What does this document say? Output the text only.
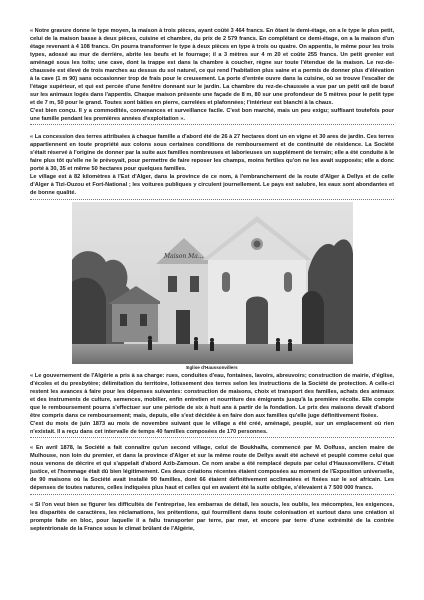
« Notre gravure donne le type moyen, la maison à trois pièces, ayant coûté 3 464 francs. En ôtant le demi-étage, on a le type le plus petit, celui de la maison basse à deux pièces, cuisine et chambre, du prix de 2 579 francs. En complétant ce demi-étage, on a la maison d'un étage revenant à 4 108 francs. On pourra transformer le type à deux pièces en type à trois ou quatre. On appentis, le même pour les trois types, adossé au mur de derrière, abrite les beufs et le fourrage; il a 3 mètres sur 4 m 20 et coûte 255 francs. Un petit grenier est aménagé sous les toits; une cave, dont la trappe est dans la chambre à coucher, règne sur toute l'étendue de la maison. Le rez-de-chaussée est élevé de trois marches au dessus du sol naturel, ce qui rend l'habitation plus saine et a permis de donner plus d'élévation à la cave (1 m 90) sans occasionner trop de frais pour le creusement. La porte d'entrée ouvre dans la cuisine, où se trouve l'escalier de l'étage supérieur, et qui est percée d'une fenêtre donnant sur le jardin. La chambre du rez-de-chaussée a vue par un petit œil de bœuf sur les animaux logés dans l'appentis. Chaque maison présente une façade de 8 m, 80 sur une profondeur de 5 mètres pour le petit type et de 7 m, 50 pour le grand. Toutes sont bâties en pierre, carrelées et plafonnées; l'intérieur est blanchi à la chaux.

C'est bien conçu. Il y a commodités, convenances et surveillance facile. C'est bon marché, mais un peu exigu; suffisant toutefois pour une famille pendant les premières années d'exploitation ».

« La concession des terres attribuées à chaque famille a d'abord été de 26 à 27 hectares dont un en vigne et 30 ares de jardin. Ces terres appartiennent en toute propriété aux colons sous certaines conditions de remboursement et de continuité de résidence. La Société s'était réservé à l'origine de donner par la suite aux familles nombreuses et laborieuses un supplément de terrain; elle a été conduite à le faire plus tôt qu'elle ne le prévoyait, pour permettre de faire reposer les champs, moins fertiles qu'on ne les avait supposés; elle a donc porté à 30, 35 et même 50 hectares pour quelques familles.

Le village est à 82 kilomètres à l'Est d'Alger, dans la province de ce nom, à l'embranchement de la route d'Alger à Dellys et de celle d'Alger à Tizi-Ouzou et Fort-National ; les voitures publiques y circulent journellement. Le pays est salubre, les eaux sont abondantes et de bonne qualité.

Maison Ma...

Eglise d'Haussonvillers

« Le gouvernement de l'Algérie a pris à sa charge: rues, conduites d'eau, fontaines, lavoirs, abreuvoirs; construction de mairie, d'église, d'écoles et du presbytère; délimitation du territoire, lotissement des terres selon les instructions de la Société de protection. A celle-ci restent les avances à faire pour les dépenses suivantes: construction de maisons, choix et transport des familles, achats des animaux et des instruments de culture, semences, mobilier, enfin entretien et nourriture des émigrants jusqu'à la première récolte. Elle compte que le remboursement pourra s'effectuer sur une période de six à huit ans à partir de la fondation. Le prix des maisons devait d'abord être compris dans ce remboursement; mais, depuis, elle s'est décidée à en faire don aux familles qu'elle juge définitivement fixées.

C'est du mois de juin 1873 au mois de novembre suivant que le village a été créé, aménagé, peuplé, sur un emplacement où rien n'existait. Il a reçu dans cet intervalle de temps 40 familles composées de 170 personnes.

« En avril 1878, la Société a fait connaître qu'un second village, celui de Boukhalfa, commencé par M. Dolfuss, ancien maire de Mulhouse, non loin du premier, et dans la province d'Alger et sur la même route de Dellys avait été achevé et peuplé comme celui que nous venons de décrire et qui s'appelait d'abord Azib-Zamoun. Ce nom arabe a été remplacé depuis par celui d'Haussonvillers. C'était justice, et l'hommage était dû bien légitimement. Ces deux créations récentes étaient composées au moment de l'Exposition universelle, de 90 maisons où la Société avait installé 90 familles, dont 66 étaient définitivement acclimatées et fixées sur le sol africain. Les dépenses de toutes natures, celles indiquées plus haut et celles qui en avaient été la suite obligée, s'élevaient à 7 500 000 francs.

« Si l'on veut bien se figurer les difficultés de l'entreprise, les embarras de détail, les soucis, les oublis, les mécomptes, les exigences, les disparités de caractères, les réclamations, les prétentions, qui fourmillent dans toute colonisation et surtout dans une création si prompte faite en bloc, pour laquelle il a fallu transporter par terre, par mer, et encore par terre d'une extrémité de la contrée septentrionale de la France sous le climat brûlant de l'Algérie,
